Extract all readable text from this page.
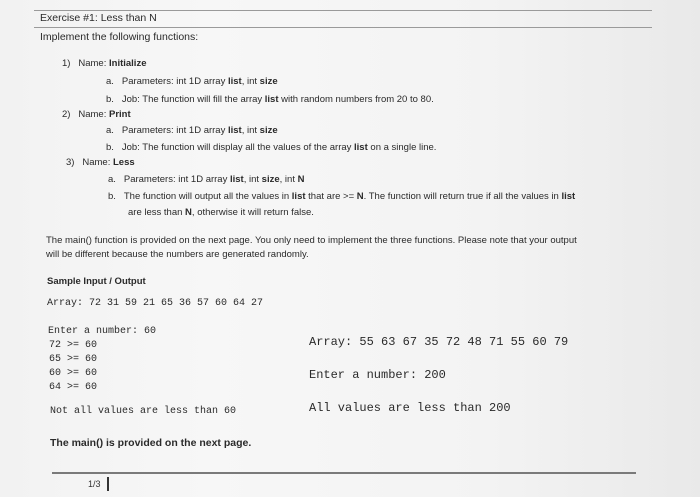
Exercise #1: Less than N
Implement the following functions:
1) Name: Initialize
a. Parameters: int 1D array list, int size
b. Job: The function will fill the array list with random numbers from 20 to 80.
2) Name: Print
a. Parameters: int 1D array list, int size
b. Job: The function will display all the values of the array list on a single line.
3) Name: Less
a. Parameters: int 1D array list, int size, int N
b. The function will output all the values in list that are >= N. The function will return true if all the values in list
are less than N, otherwise it will return false.
The main() function is provided on the next page. You only need to implement the three functions. Please note that your output
will be different because the numbers are generated randomly.
Sample Input / Output
Array: 72 31 59 21 65 36 57 60 64 27
Enter a number: 60
72 >= 60
65 >= 60
60 >= 60
64 >= 60
Not all values are less than 60
Array: 55 63 67 35 72 48 71 55 60 79
Enter a number: 200
All values are less than 200
The main() is provided on the next page.
1/3
